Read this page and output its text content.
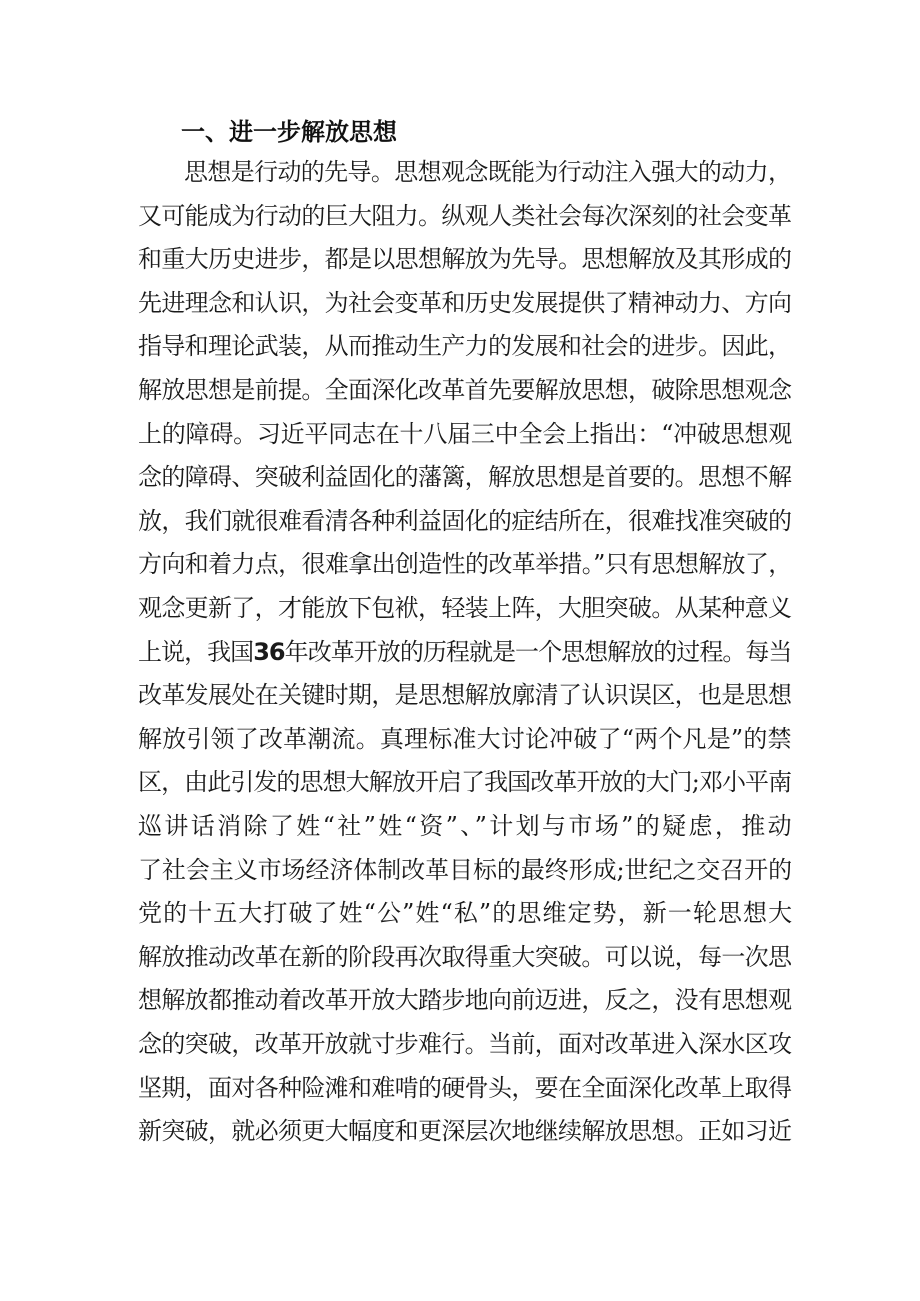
一、进一步解放思想
思想是行动的先导。思想观念既能为行动注入强大的动力，
又可能成为行动的巨大阻力。纵观人类社会每次深刻的社会变革
和重大历史进步，都是以思想解放为先导。思想解放及其形成的
先进理念和认识，为社会变革和历史发展提供了精神动力、方向
指导和理论武装，从而推动生产力的发展和社会的进步。因此，
解放思想是前提。全面深化改革首先要解放思想，破除思想观念
上的障碍。习近平同志在十八届三中全会上指出：“冲破思想观
念的障碍、突破利益固化的藩篱，解放思想是首要的。思想不解
放，我们就很难看清各种利益固化的症结所在，很难找准突破的
方向和着力点，很难拿出创造性的改革举措。”只有思想解放了，
观念更新了，才能放下包袱，轻装上阵，大胆突破。从某种意义
上说，我国36年改革开放的历程就是一个思想解放的过程。每当
改革发展处在关键时期，是思想解放廓清了认识误区，也是思想
解放引领了改革潮流。真理标准大讨论冲破了“两个凡是”的禁
区，由此引发的思想大解放开启了我国改革开放的大门;邓小平南
巡讲话消除了姓“社”姓“资”、”计划与市场”的疑虑，推动
了社会主义市场经济体制改革目标的最终形成;世纪之交召开的
党的十五大打破了姓“公”姓“私”的思维定势，新一轮思想大
解放推动改革在新的阶段再次取得重大突破。可以说，每一次思
想解放都推动着改革开放大踏步地向前迈进，反之，没有思想观
念的突破，改革开放就寸步难行。当前，面对改革进入深水区攻
坚期，面对各种险滩和难啃的硬骨头，要在全面深化改革上取得
新突破，就必须更大幅度和更深层次地继续解放思想。正如习近
